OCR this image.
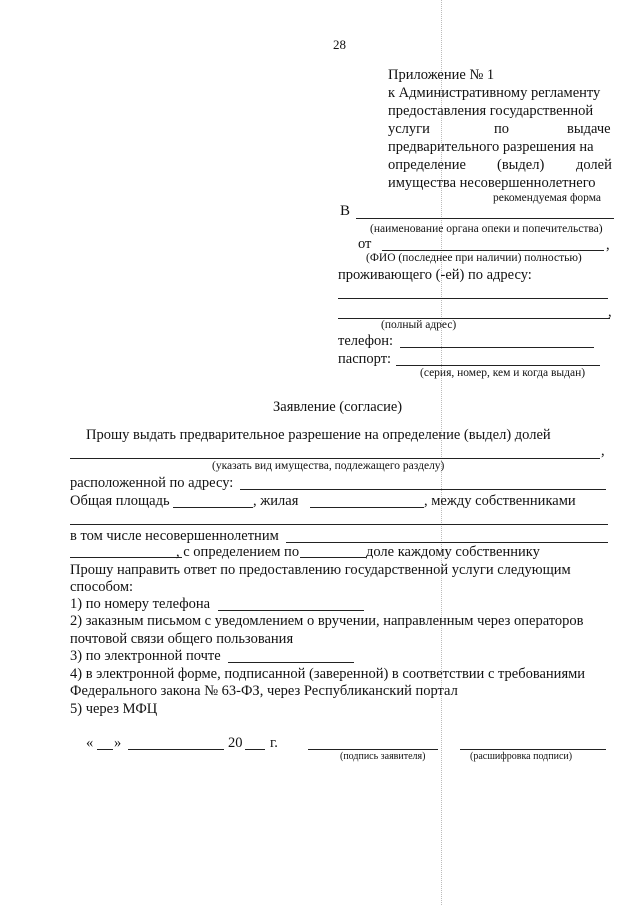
28
Приложение № 1
к Административному регламенту
предоставления государственной
услуги	по	выдаче
предварительного разрешения на
определение (выдел) долей
имущества несовершеннолетнего
рекомендуемая форма
В
(наименование органа опеки и попечительства)
от	,
(ФИО (последнее при наличии) полностью)
проживающего (-ей) по адресу:
,
(полный адрес)
телефон:
паспорт:
(серия, номер, кем и когда выдан)
Заявление (согласие)
Прошу выдать предварительное разрешение на определение (выдел) долей
,
(указать вид имущества, подлежащего разделу)
расположенной по адресу:
Общая площадь	, жилая	, между собственниками
в том числе несовершеннолетним
, с определением по	доле каждому собственнику
Прошу направить ответ по предоставлению государственной услуги следующим
способом:
1) по номеру телефона
2) заказным письмом с уведомлением о вручении, направленным через операторов
почтовой связи общего пользования
3) по электронной почте
4) в электронной форме, подписанной (заверенной) в соответствии с требованиями
Федерального закона № 63-ФЗ, через Республиканский портал
5) через МФЦ
« »	20 г.
(подпись заявителя)	(расшифровка подписи)
